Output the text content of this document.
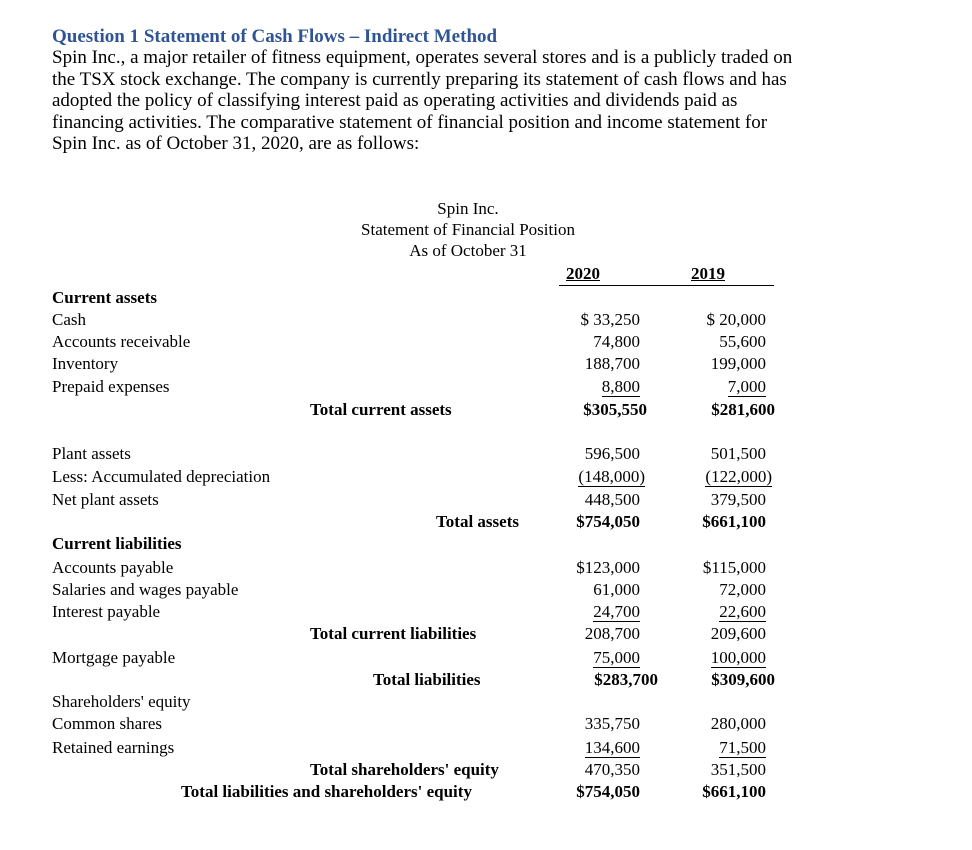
Question 1 Statement of Cash Flows – Indirect Method
Spin Inc., a major retailer of fitness equipment, operates several stores and is a publicly traded on
the TSX stock exchange. The company is currently preparing its statement of cash flows and has
adopted the policy of classifying interest paid as operating activities and dividends paid as
financing activities. The comparative statement of financial position and income statement for
Spin Inc. as of October 31, 2020, are as follows:
Spin Inc.
Statement of Financial Position
As of October 31
2020	2019
Current assets
Cash	$ 33,250	$ 20,000
Accounts receivable	74,800	55,600
Inventory	188,700	199,000
Prepaid expenses	8,800	7,000
Total current assets	$305,550	$281,600
Plant assets	596,500	501,500
Less: Accumulated depreciation	(148,000)	(122,000)
Net plant assets	448,500	379,500
Total assets	$754,050	$661,100
Current liabilities
Accounts payable	$123,000	$115,000
Salaries and wages payable	61,000	72,000
Interest payable	24,700	22,600
Total current liabilities	208,700	209,600
Mortgage payable	75,000	100,000
Total liabilities	$283,700	$309,600
Shareholders' equity
Common shares	335,750	280,000
Retained earnings	134,600	71,500
Total shareholders' equity	470,350	351,500
Total liabilities and shareholders' equity	$754,050	$661,100
